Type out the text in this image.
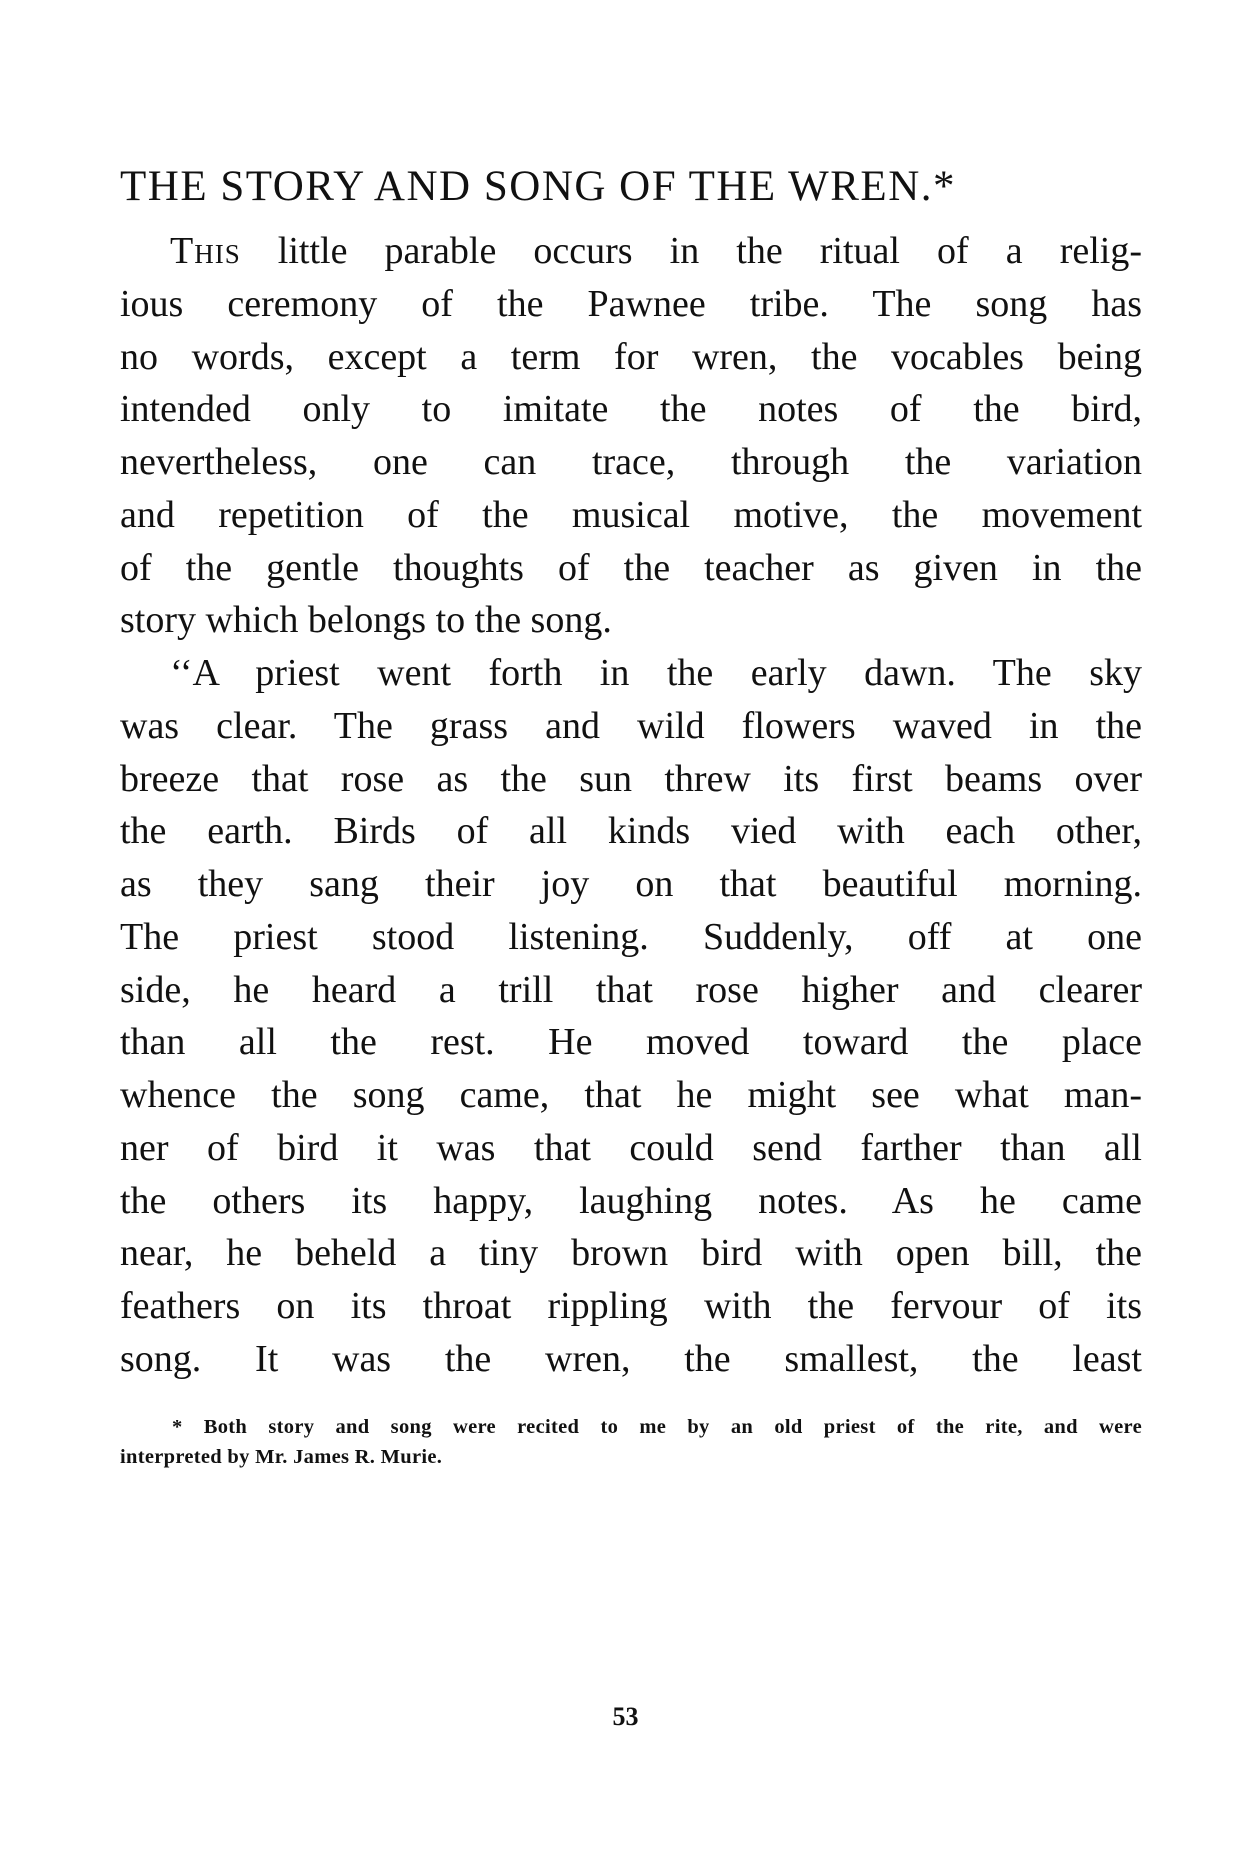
THE STORY AND SONG OF THE WREN.*
This little parable occurs in the ritual of a relig-
ious ceremony of the Pawnee tribe. The song has
no words, except a term for wren, the vocables being
intended only to imitate the notes of the bird,
nevertheless, one can trace, through the variation
and repetition of the musical motive, the movement
of the gentle thoughts of the teacher as given in the
story which belongs to the song.
‘‘A priest went forth in the early dawn. The sky
was clear. The grass and wild flowers waved in the
breeze that rose as the sun threw its first beams over
the earth. Birds of all kinds vied with each other,
as they sang their joy on that beautiful morning.
The priest stood listening. Suddenly, off at one
side, he heard a trill that rose higher and clearer
than all the rest. He moved toward the place
whence the song came, that he might see what man-
ner of bird it was that could send farther than all
the others its happy, laughing notes. As he came
near, he beheld a tiny brown bird with open bill, the
feathers on its throat rippling with the fervour of its
song. It was the wren, the smallest, the least
* Both story and song were recited to me by an old priest of the rite, and were
interpreted by Mr. James R. Murie.
53
